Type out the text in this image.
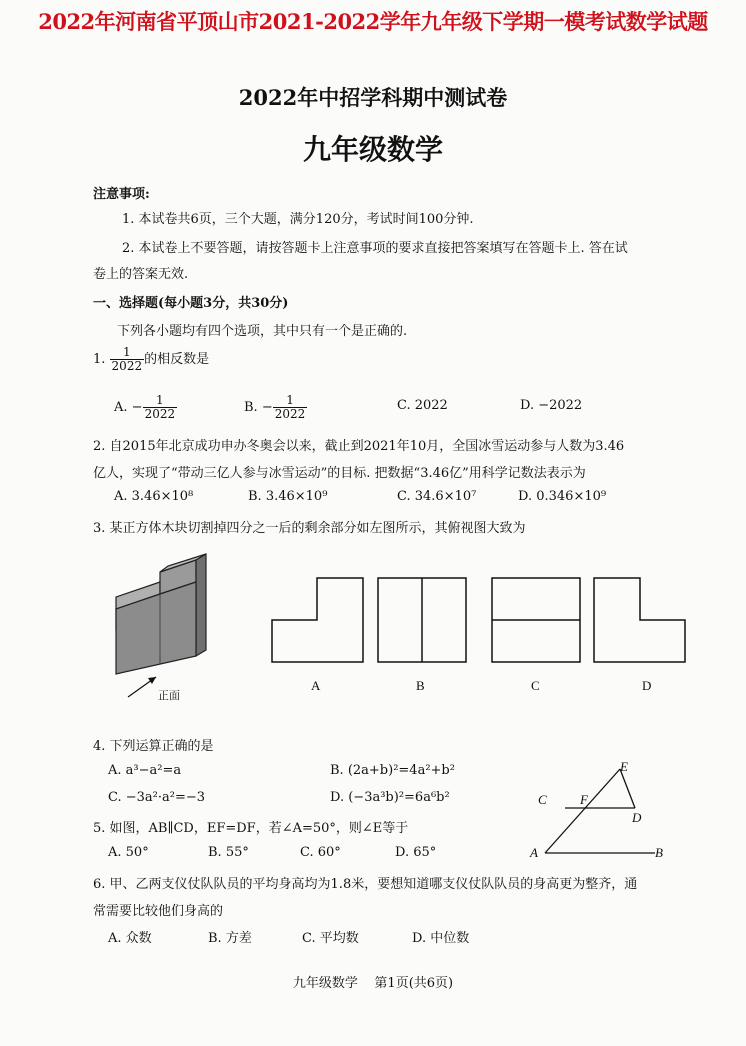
2022年河南省平顶山市2021-2022学年九年级下学期一模考试数学试题
2022年中招学科期中测试卷
九年级数学
注意事项:
1. 本试卷共6页，三个大题，满分120分，考试时间100分钟.
2. 本试卷上不要答题，请按答题卡上注意事项的要求直接把答案填写在答题卡上. 答在试
卷上的答案无效.
一、选择题(每小题3分，共30分)
下列各小题均有四个选项，其中只有一个是正确的.
1. $\frac{1}{2022}$ 的相反数是
A. − $\frac{1}{2022}$	B. − $\frac{1}{2022}$	C. 2022	D. −2022
2. 自2015年北京成功申办冬奥会以来，截止到2021年10月，全国冰雪运动参与人数为3.46
亿人，实现了“带动三亿人参与冰雪运动”的目标. 把数据“3.46亿”用科学记数法表示为
A. 3.46×10⁸	B. 3.46×10⁹	C. 34.6×10⁷	D. 0.346×10⁹
3. 某正方体木块切割掉四分之一后的剩余部分如左图所示，其俯视图大致为
正面
A	B	C	D
4. 下列运算正确的是
A. a³−a²=a	B. (2a+b)²=4a²+b²
C. −3a²·a²=−3	D. (−3a³b)²=6a⁶b²
5. 如图，AB∥CD，EF=DF，若∠A=50°，则∠E等于
A. 50°	B. 55°	C. 60°	D. 65°
E
C	F
D
A	B
6. 甲、乙两支仪仗队队员的平均身高均为1.8米，要想知道哪支仪仗队队员的身高更为整齐，通
常需要比较他们身高的
A. 众数	B. 方差	C. 平均数	D. 中位数
九年级数学    第1页(共6页)
